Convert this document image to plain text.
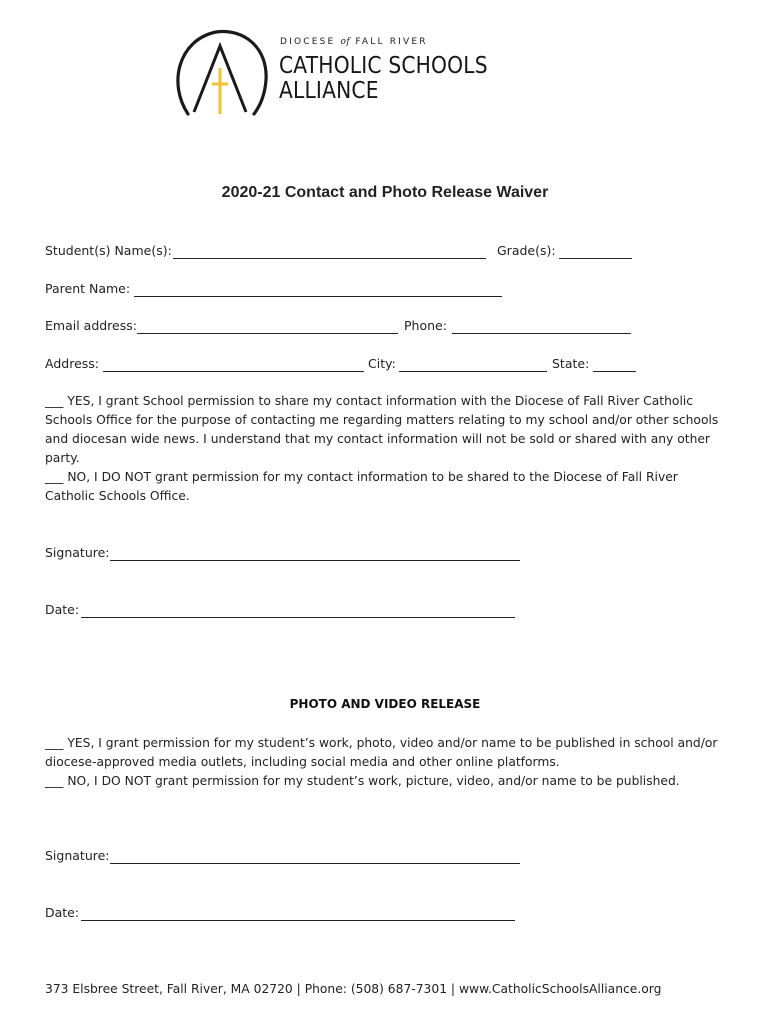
DIOCESE of FALL RIVER
CATHOLIC SCHOOLS
ALLIANCE
2020-21 Contact and Photo Release Waiver
Student(s) Name(s):	Grade(s):
Parent Name:
Email address:	Phone:
Address:	City:	State:

___ YES, I grant School permission to share my contact information with the Diocese of Fall River Catholic Schools Office for the purpose of contacting me regarding matters relating to my school and/or other schools and diocesan wide news. I understand that my contact information will not be sold or shared with any other party.

___ NO, I DO NOT grant permission for my contact information to be shared to the Diocese of Fall River Catholic Schools Office.

Signature:
Date:
PHOTO AND VIDEO RELEASE

___ YES, I grant permission for my student’s work, photo, video and/or name to be published in school and/or diocese-approved media outlets, including social media and other online platforms.

___ NO, I DO NOT grant permission for my student’s work, picture, video, and/or name to be published.

Signature:
Date:
373 Elsbree Street, Fall River, MA 02720 | Phone: (508) 687-7301 | www.CatholicSchoolsAlliance.org
